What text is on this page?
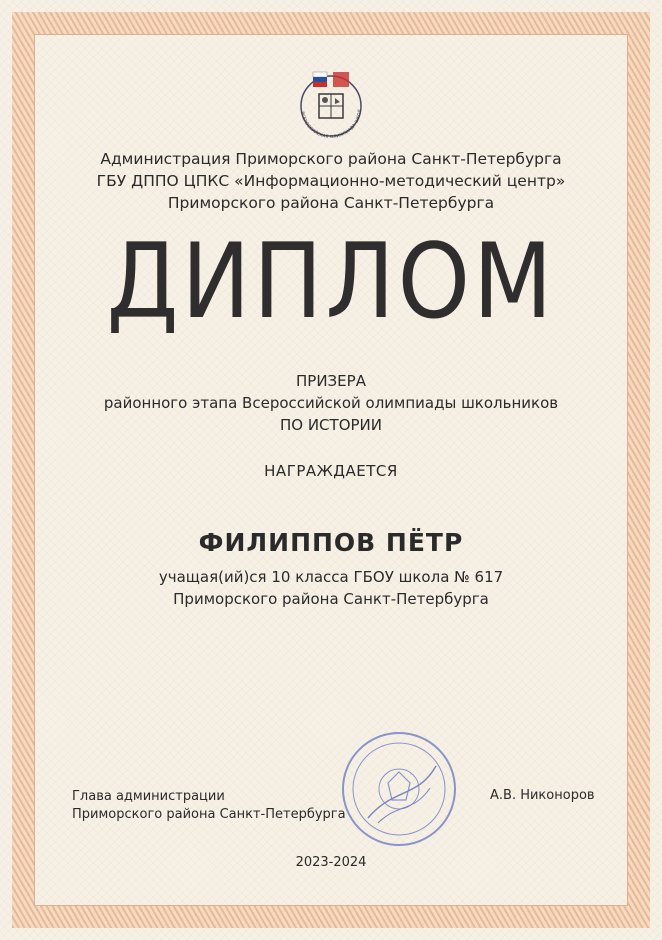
ВСЕРОССИЙСКАЯ ОЛИМПИАДА ШКОЛ
Администрация Приморского района Санкт-Петербурга
ГБУ ДППО ЦПКС «Информационно-методический центр»
Приморского района Санкт-Петербурга
ДИПЛОМ
ПРИЗЕРА
районного этапа Всероссийской олимпиады школьников
ПО ИСТОРИИ
НАГРАЖДАЕТСЯ
ФИЛИППОВ ПЁТР
учащая(ий)ся 10 класса ГБОУ школа № 617
Приморского района Санкт-Петербурга
Глава администрации
Приморского района Санкт-Петербурга
А.В. Никоноров
2023-2024
